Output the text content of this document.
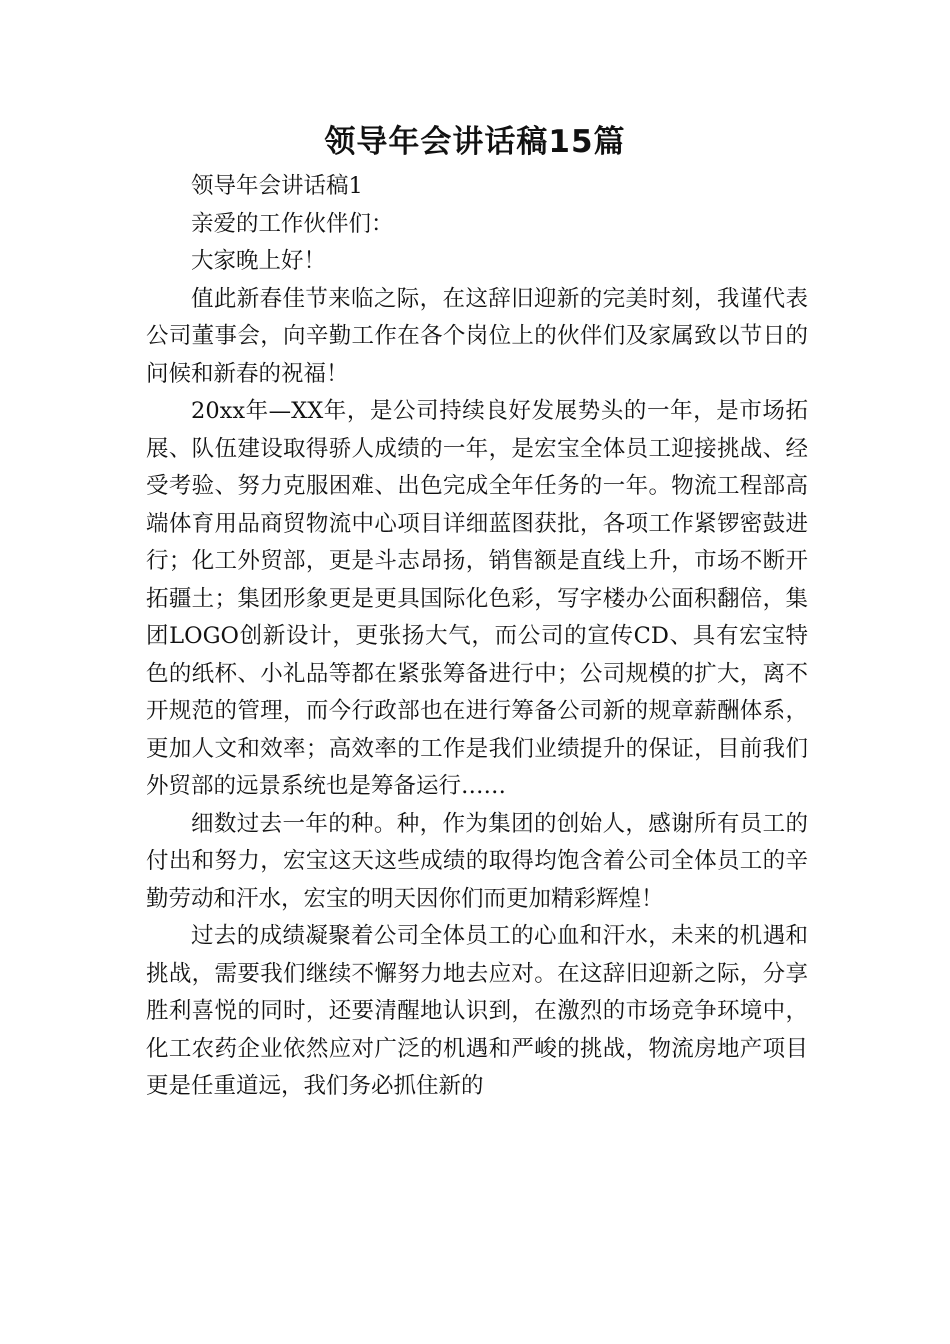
领导年会讲话稿15篇

领导年会讲话稿1

亲爱的工作伙伴们：

大家晚上好！

值此新春佳节来临之际，在这辞旧迎新的完美时刻，我谨代表公司董事会，向辛勤工作在各个岗位上的伙伴们及家属致以节日的问候和新春的祝福！

20xx年—XX年，是公司持续良好发展势头的一年，是市场拓展、队伍建设取得骄人成绩的一年，是宏宝全体员工迎接挑战、经受考验、努力克服困难、出色完成全年任务的一年。物流工程部高端体育用品商贸物流中心项目详细蓝图获批，各项工作紧锣密鼓进行；化工外贸部，更是斗志昂扬，销售额是直线上升，市场不断开拓疆土；集团形象更是更具国际化色彩，写字楼办公面积翻倍，集团LOGO创新设计，更张扬大气，而公司的宣传CD、具有宏宝特色的纸杯、小礼品等都在紧张筹备进行中；公司规模的扩大，离不开规范的管理，而今行政部也在进行筹备公司新的规章薪酬体系，更加人文和效率；高效率的工作是我们业绩提升的保证，目前我们外贸部的远景系统也是筹备运行……

细数过去一年的种。种，作为集团的创始人，感谢所有员工的付出和努力，宏宝这天这些成绩的取得均饱含着公司全体员工的辛勤劳动和汗水，宏宝的明天因你们而更加精彩辉煌！

过去的成绩凝聚着公司全体员工的心血和汗水，未来的机遇和挑战，需要我们继续不懈努力地去应对。在这辞旧迎新之际，分享胜利喜悦的同时，还要清醒地认识到，在激烈的市场竞争环境中，化工农药企业依然应对广泛的机遇和严峻的挑战，物流房地产项目更是任重道远，我们务必抓住新的
